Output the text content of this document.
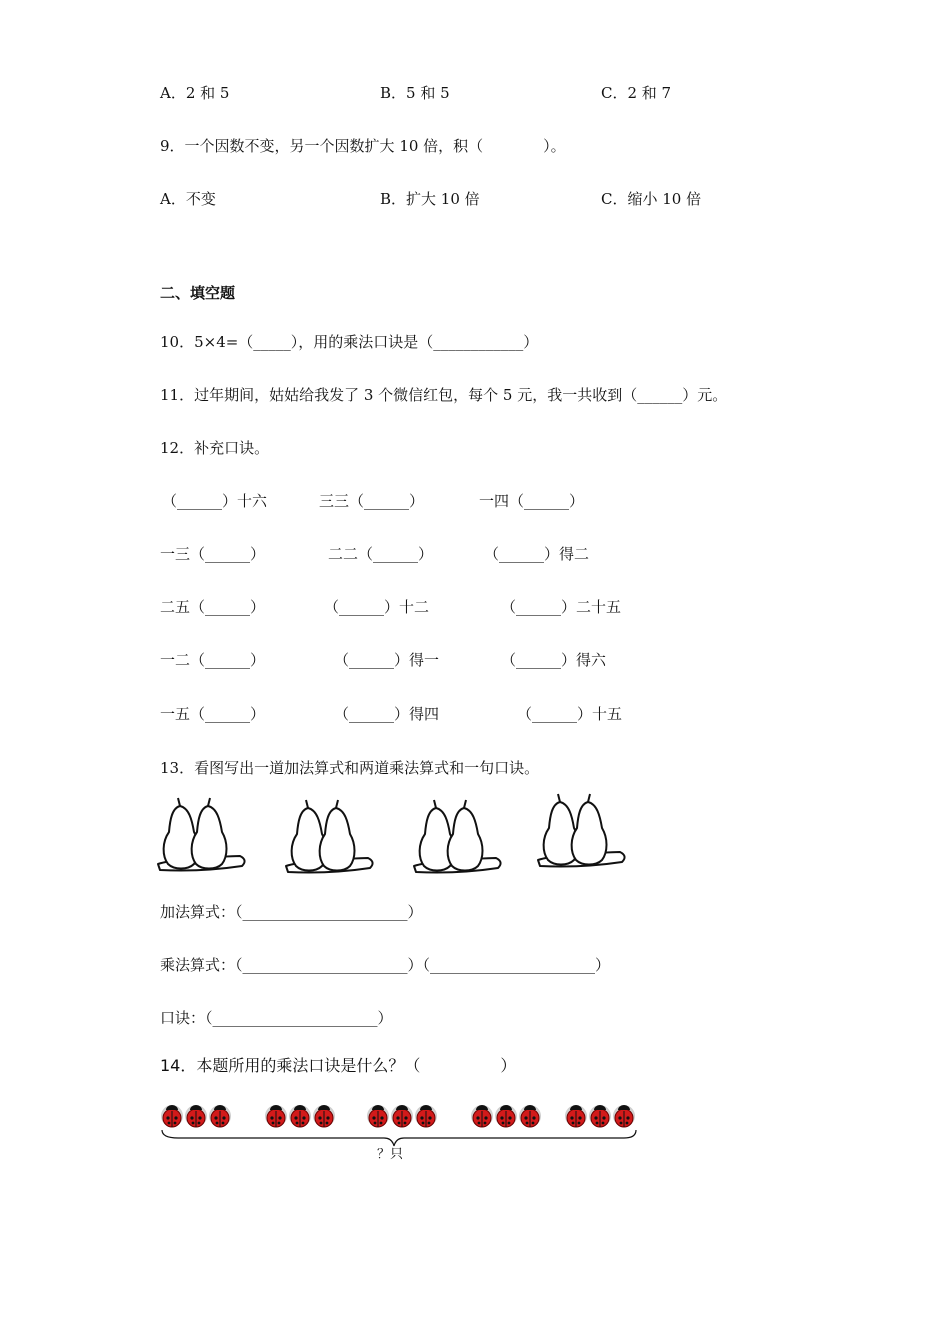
A．2 和 5	B．5 和 5	C．2 和 7
9．一个因数不变，另一个因数扩大 10 倍，积（　　　　）。
A．不变	B．扩大 10 倍	C．缩小 10 倍
二、填空题
10．5×4=（_____），用的乘法口诀是（____________）
11．过年期间，姑姑给我发了 3 个微信红包，每个 5 元，我一共收到（______）元。
12．补充口诀。
（______）十六	三三（______）	一四（______）
一三（______）	二二（______）	（______）得二
二五（______）	（______）十二	（______）二十五
一二（______）	（______）得一	（______）得六
一五（______）	（______）得四	（______）十五
13．看图写出一道加法算式和两道乘法算式和一句口诀。
加法算式：（______________________）
乘法算式：（______________________）（______________________）
口诀：（______________________）
14．本题所用的乘法口诀是什么？（　　　　　）
？只
